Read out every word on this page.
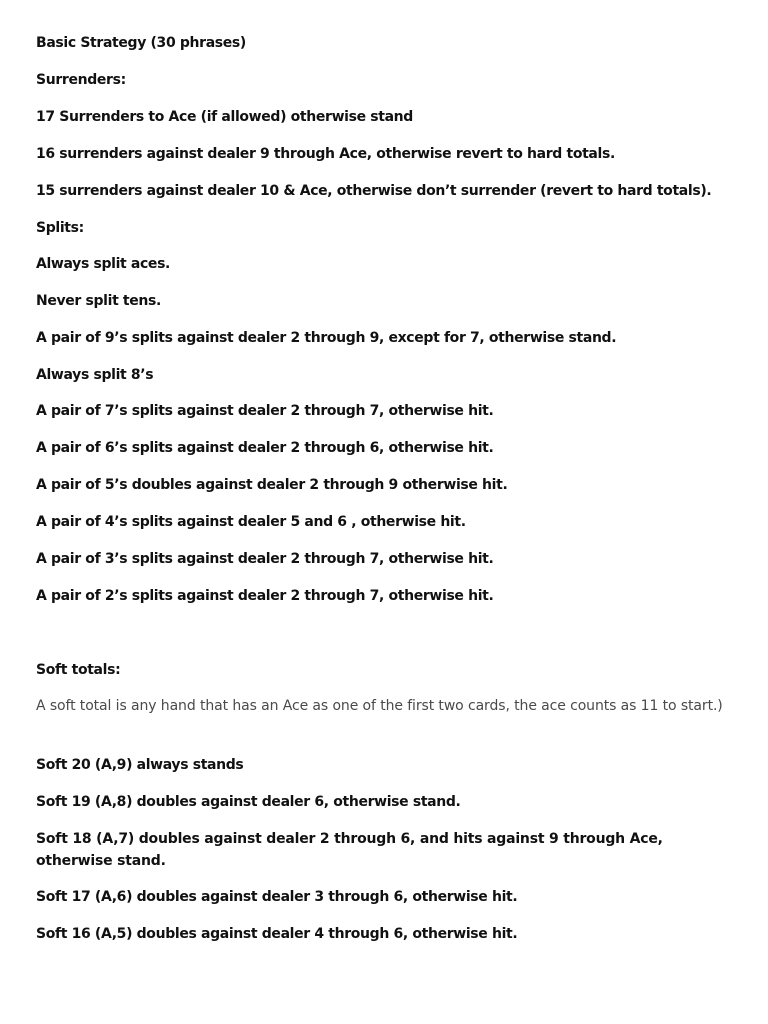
Basic Strategy (30 phrases)
Surrenders:
17 Surrenders to Ace (if allowed) otherwise stand
16 surrenders against dealer 9 through Ace, otherwise revert to hard totals.
15 surrenders against dealer 10 & Ace, otherwise don’t surrender (revert to hard totals).
Splits:
Always split aces.
Never split tens.
A pair of 9’s splits against dealer 2 through 9, except for 7, otherwise stand.
Always split 8’s
A pair of 7’s splits against dealer 2 through 7, otherwise hit.
A pair of 6’s splits against dealer 2 through 6, otherwise hit.
A pair of 5’s doubles against dealer 2 through 9 otherwise hit.
A pair of 4’s splits against dealer 5 and 6 , otherwise hit.
A pair of 3’s splits against dealer 2 through 7, otherwise hit.
A pair of 2’s splits against dealer 2 through 7, otherwise hit.
Soft totals:
A soft total is any hand that has an Ace as one of the first two cards, the ace counts as 11 to start.)
Soft 20 (A,9) always stands
Soft 19 (A,8) doubles against dealer 6, otherwise stand.
Soft 18 (A,7) doubles against dealer 2 through 6, and hits against 9 through Ace, otherwise stand.
Soft 17 (A,6) doubles against dealer 3 through 6, otherwise hit.
Soft 16 (A,5) doubles against dealer 4 through 6, otherwise hit.
